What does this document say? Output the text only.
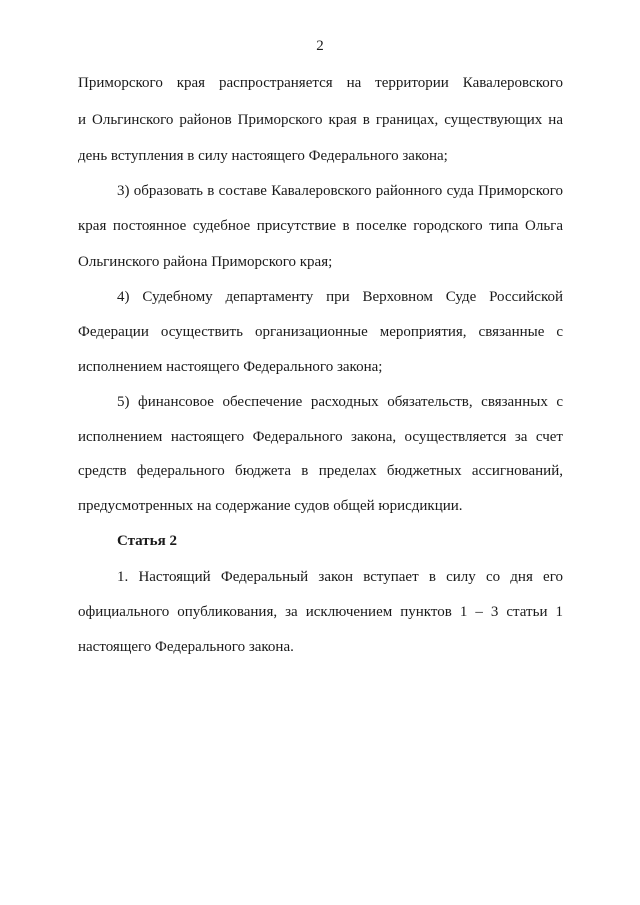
2
Приморского края распространяется на территории Кавалеровского
и Ольгинского районов Приморского края в границах, существующих на
день вступления в силу настоящего Федерального закона;
3) образовать в составе Кавалеровского районного суда Приморского
края постоянное судебное присутствие в поселке городского типа Ольга
Ольгинского района Приморского края;
4) Судебному департаменту при Верховном Суде Российской
Федерации осуществить организационные мероприятия, связанные с
исполнением настоящего Федерального закона;
5) финансовое обеспечение расходных обязательств, связанных с
исполнением настоящего Федерального закона, осуществляется за счет
средств федерального бюджета в пределах бюджетных ассигнований,
предусмотренных на содержание судов общей юрисдикции.
Статья 2
1. Настоящий Федеральный закон вступает в силу со дня его
официального опубликования, за исключением пунктов 1 – 3 статьи 1
настоящего Федерального закона.
